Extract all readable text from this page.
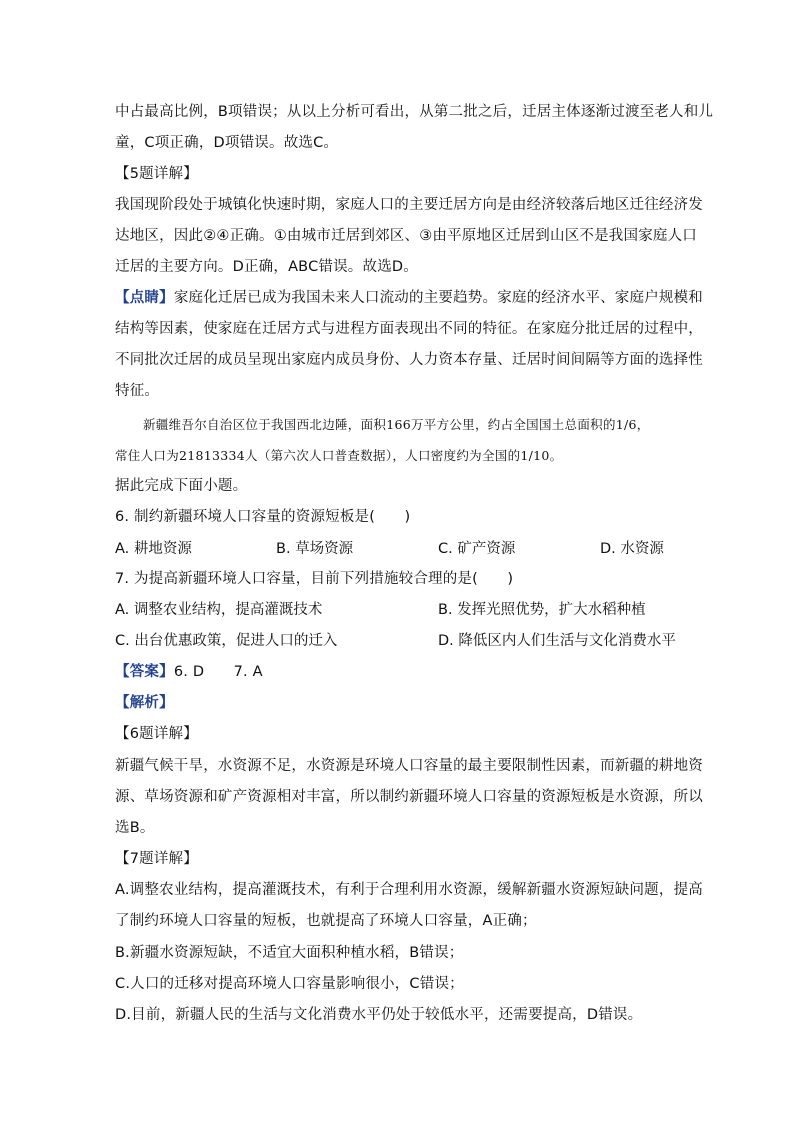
中占最高比例，B项错误；从以上分析可看出，从第二批之后，迁居主体逐渐过渡至老人和儿
童，C项正确，D项错误。故选C。
【5题详解】
我国现阶段处于城镇化快速时期，家庭人口的主要迁居方向是由经济较落后地区迁往经济发
达地区，因此②④正确。①由城市迁居到郊区、③由平原地区迁居到山区不是我国家庭人口
迁居的主要方向。D正确，ABC错误。故选D。
【点睛】家庭化迁居已成为我国未来人口流动的主要趋势。家庭的经济水平、家庭户规模和
结构等因素，使家庭在迁居方式与进程方面表现出不同的特征。在家庭分批迁居的过程中，
不同批次迁居的成员呈现出家庭内成员身份、人力资本存量、迁居时间间隔等方面的选择性
特征。
新疆维吾尔自治区位于我国西北边陲，面积166万平方公里，约占全国国土总面积的1/6，
常住人口为21813334人（第六次人口普查数据），人口密度约为全国的1/10。
据此完成下面小题。
6. 制约新疆环境人口容量的资源短板是(　　)
A. 耕地资源	B. 草场资源	C. 矿产资源	D. 水资源
7. 为提高新疆环境人口容量，目前下列措施较合理的是(　　)
A. 调整农业结构，提高灌溉技术	B. 发挥光照优势，扩大水稻种植
C. 出台优惠政策，促进人口的迁入	D. 降低区内人们生活与文化消费水平
【答案】6. D　　7. A
【解析】
【6题详解】
新疆气候干旱，水资源不足，水资源是环境人口容量的最主要限制性因素，而新疆的耕地资
源、草场资源和矿产资源相对丰富，所以制约新疆环境人口容量的资源短板是水资源，所以
选B。
【7题详解】
A.调整农业结构，提高灌溉技术，有利于合理利用水资源，缓解新疆水资源短缺问题，提高
了制约环境人口容量的短板，也就提高了环境人口容量，A正确；
B.新疆水资源短缺，不适宜大面积种植水稻，B错误；
C.人口的迁移对提高环境人口容量影响很小，C错误；
D.目前，新疆人民的生活与文化消费水平仍处于较低水平，还需要提高，D错误。
